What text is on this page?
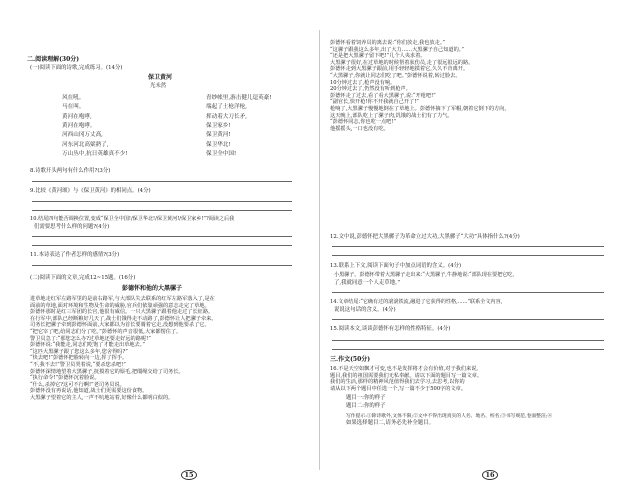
二.阅读理解(30分)
(一)阅读下面的诗歌,完成练习。(14分)
保卫黄河
光未然
风在吼。
马在叫。
黄河在咆哮,
黄河在咆哮。
河西山冈万丈高,
河东河北高粱熟了,
万山丛中,抗日英雄真不少!
青纱帐里,游击健儿逞英豪!
端起了土枪洋枪,
挥动着大刀长矛,
保卫家乡!
保卫黄河!
保卫华北!
保卫全中国!
8.诗歌开头两句有什么作用?(3分)
9.比较《黄河颂》与《保卫黄河》的相同点。(4分)
10.结尾四句能否调换位置,变成“保卫全中国!/保卫华北!/保卫黄河!/保卫家乡!”?阅读之后我
们需要思考什么样的问题?(4分)
11.本诗表达了作者怎样的感情?(3分)
(二)阅读下面的文章,完成12~15题。(16分)
彭德怀和他的大黑骡子

进草地走红军左路军里的是前右路军,与大部队失去联系的红军左路军落入了,是在

面前的草地,面对环境和生物及生命的威胁,官兵们依靠顽强的意志走完了草地。

彭德怀那时是红三军团的长官,他很有威信。一只大黑骡子跟着他走过了长征路。

在行军中,部队已经断粮好几天了,战士们饿得走不动路了,彭德怀让人把骡子牵来。

司务长把骡子牵到彭德怀面前,大家都以为首长要骑着它走,没想到他要杀了它。

“把它宰了吧,给同志们分了吃。”彭德怀的声音很低,大家都愣住了。

警卫员急了:“那您怎么办?过草地还要走好远的路呢!”

彭德怀说:“我能走,同志们吃饱了才能走出草地去。”

“这匹大黑骡子跟了您这么多年,您舍得吗?”

“快去吧!”彭德怀把脸转向一边,挥了挥手。

“不,我不去!”警卫员哭着说,“要杀您杀吧!”

彭德怀深情地望着大黑骡子,抚摸着它的鬃毛,把缰绳交给了司务长。

“执行命令!”彭德怀沉着脸说。

“什么,杀掉它?这可不行啊!”老司务员说。

彭德怀没有再说话,他知道,战士们更需要这份食物。

大黑骡子望着它的主人,一声不吭地站着,好像什么都明白似的。

15

彭德怀看着饲养员的离去说:“你们放走,我也放走。”

“这骡子跟我这么多年,出了大力……大黑骡子自己知道的。”

“还是把大黑骡子留下吧!”几个人央求着。

大黑骡子很好,在过草地的时候帮着驮伤员,走了很远很远的路。

彭德怀走到大黑骡子跟前,用手轻轻地摸着它,久久不肯离开。

“大黑骡子,你就让同志们吃了吧。”彭德怀说着,转过脸去。

10分钟过去了,枪声没有响。

20分钟过去了,仍然没有听到枪声。

彭德怀走了过去,看了看大黑骡子,说:“开枪吧!”

“副官长,快开枪!你不开我就自己开了!”

枪响了,大黑骡子慢慢地倒在了草地上。彭德怀摘下了军帽,朝着它倒下的方向。

这天晚上,部队吃上了骡子肉,饥饿的战士们有了力气。

“彭德怀同志,你也吃一点吧!”

他摇摇头,一口也没有吃。

12.文中说,彭德怀把大黑骡子为革命立过大功,大黑骡子“大功”具体指什么?(4分)
13.联系上下文,阅读下面句子中加点词语的含义。(4分)
小黑骡子。彭德怀带着大黑骡子走出来:“大黑骡子,牛静地说:“部队现在要把它吃,
了,我就同意一个人走草地。”
14.文章结尾:“它确有过的滚滚铁流,融进了它获得的性格,......”联系全文内容,
说说这句话的含义。(4分)
15.阅读本文,谈谈彭德怀有怎样的性格特征。(4分)
三.作文(50分)

16.不是天空如飘才可变,也不是发挥将才会有价值,对于我们来说,

题目,我们的祖国需要我们无私奉献。请以下面的题目写一篇文章。

我们的生活,那样的精神风范值得我们去学习,去思考,以你的

请从以下两个题目中任选一个,写一篇不少于500字的文章。

题目一:你的样子
题目二:你的样子
写作提示:①除诗歌外,文体不限;②文中不得出现真实的人名、地名、校名;③书写规范,卷面整洁;④
如果选择题目二,请务必先补全题目。
16
